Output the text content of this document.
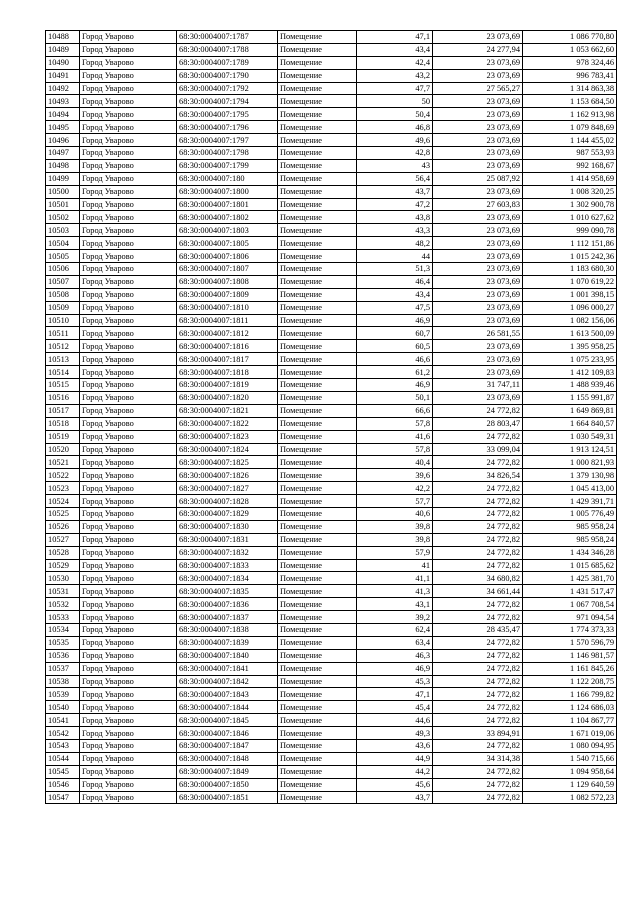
10488	Город Уварово	68:30:0004007:1787	Помещение	47,1	23 073,69	1 086 770,80
10489	Город Уварово	68:30:0004007:1788	Помещение	43,4	24 277,94	1 053 662,60
10490	Город Уварово	68:30:0004007:1789	Помещение	42,4	23 073,69	978 324,46
10491	Город Уварово	68:30:0004007:1790	Помещение	43,2	23 073,69	996 783,41
10492	Город Уварово	68:30:0004007:1792	Помещение	47,7	27 565,27	1 314 863,38
10493	Город Уварово	68:30:0004007:1794	Помещение	50	23 073,69	1 153 684,50
10494	Город Уварово	68:30:0004007:1795	Помещение	50,4	23 073,69	1 162 913,98
10495	Город Уварово	68:30:0004007:1796	Помещение	46,8	23 073,69	1 079 848,69
10496	Город Уварово	68:30:0004007:1797	Помещение	49,6	23 073,69	1 144 455,02
10497	Город Уварово	68:30:0004007:1798	Помещение	42,8	23 073,69	987 553,93
10498	Город Уварово	68:30:0004007:1799	Помещение	43	23 073,69	992 168,67
10499	Город Уварово	68:30:0004007:180	Помещение	56,4	25 087,92	1 414 958,69
10500	Город Уварово	68:30:0004007:1800	Помещение	43,7	23 073,69	1 008 320,25
10501	Город Уварово	68:30:0004007:1801	Помещение	47,2	27 603,83	1 302 900,78
10502	Город Уварово	68:30:0004007:1802	Помещение	43,8	23 073,69	1 010 627,62
10503	Город Уварово	68:30:0004007:1803	Помещение	43,3	23 073,69	999 090,78
10504	Город Уварово	68:30:0004007:1805	Помещение	48,2	23 073,69	1 112 151,86
10505	Город Уварово	68:30:0004007:1806	Помещение	44	23 073,69	1 015 242,36
10506	Город Уварово	68:30:0004007:1807	Помещение	51,3	23 073,69	1 183 680,30
10507	Город Уварово	68:30:0004007:1808	Помещение	46,4	23 073,69	1 070 619,22
10508	Город Уварово	68:30:0004007:1809	Помещение	43,4	23 073,69	1 001 398,15
10509	Город Уварово	68:30:0004007:1810	Помещение	47,5	23 073,69	1 096 000,27
10510	Город Уварово	68:30:0004007:1811	Помещение	46,9	23 073,69	1 082 156,06
10511	Город Уварово	68:30:0004007:1812	Помещение	60,7	26 581,55	1 613 500,09
10512	Город Уварово	68:30:0004007:1816	Помещение	60,5	23 073,69	1 395 958,25
10513	Город Уварово	68:30:0004007:1817	Помещение	46,6	23 073,69	1 075 233,95
10514	Город Уварово	68:30:0004007:1818	Помещение	61,2	23 073,69	1 412 109,83
10515	Город Уварово	68:30:0004007:1819	Помещение	46,9	31 747,11	1 488 939,46
10516	Город Уварово	68:30:0004007:1820	Помещение	50,1	23 073,69	1 155 991,87
10517	Город Уварово	68:30:0004007:1821	Помещение	66,6	24 772,82	1 649 869,81
10518	Город Уварово	68:30:0004007:1822	Помещение	57,8	28 803,47	1 664 840,57
10519	Город Уварово	68:30:0004007:1823	Помещение	41,6	24 772,82	1 030 549,31
10520	Город Уварово	68:30:0004007:1824	Помещение	57,8	33 099,04	1 913 124,51
10521	Город Уварово	68:30:0004007:1825	Помещение	40,4	24 772,82	1 000 821,93
10522	Город Уварово	68:30:0004007:1826	Помещение	39,6	34 826,54	1 379 130,98
10523	Город Уварово	68:30:0004007:1827	Помещение	42,2	24 772,82	1 045 413,00
10524	Город Уварово	68:30:0004007:1828	Помещение	57,7	24 772,82	1 429 391,71
10525	Город Уварово	68:30:0004007:1829	Помещение	40,6	24 772,82	1 005 776,49
10526	Город Уварово	68:30:0004007:1830	Помещение	39,8	24 772,82	985 958,24
10527	Город Уварово	68:30:0004007:1831	Помещение	39,8	24 772,82	985 958,24
10528	Город Уварово	68:30:0004007:1832	Помещение	57,9	24 772,82	1 434 346,28
10529	Город Уварово	68:30:0004007:1833	Помещение	41	24 772,82	1 015 685,62
10530	Город Уварово	68:30:0004007:1834	Помещение	41,1	34 680,82	1 425 381,70
10531	Город Уварово	68:30:0004007:1835	Помещение	41,3	34 661,44	1 431 517,47
10532	Город Уварово	68:30:0004007:1836	Помещение	43,1	24 772,82	1 067 708,54
10533	Город Уварово	68:30:0004007:1837	Помещение	39,2	24 772,82	971 094,54
10534	Город Уварово	68:30:0004007:1838	Помещение	62,4	28 435,47	1 774 373,33
10535	Город Уварово	68:30:0004007:1839	Помещение	63,4	24 772,82	1 570 596,79
10536	Город Уварово	68:30:0004007:1840	Помещение	46,3	24 772,82	1 146 981,57
10537	Город Уварово	68:30:0004007:1841	Помещение	46,9	24 772,82	1 161 845,26
10538	Город Уварово	68:30:0004007:1842	Помещение	45,3	24 772,82	1 122 208,75
10539	Город Уварово	68:30:0004007:1843	Помещение	47,1	24 772,82	1 166 799,82
10540	Город Уварово	68:30:0004007:1844	Помещение	45,4	24 772,82	1 124 686,03
10541	Город Уварово	68:30:0004007:1845	Помещение	44,6	24 772,82	1 104 867,77
10542	Город Уварово	68:30:0004007:1846	Помещение	49,3	33 894,91	1 671 019,06
10543	Город Уварово	68:30:0004007:1847	Помещение	43,6	24 772,82	1 080 094,95
10544	Город Уварово	68:30:0004007:1848	Помещение	44,9	34 314,38	1 540 715,66
10545	Город Уварово	68:30:0004007:1849	Помещение	44,2	24 772,82	1 094 958,64
10546	Город Уварово	68:30:0004007:1850	Помещение	45,6	24 772,82	1 129 640,59
10547	Город Уварово	68:30:0004007:1851	Помещение	43,7	24 772,82	1 082 572,23
